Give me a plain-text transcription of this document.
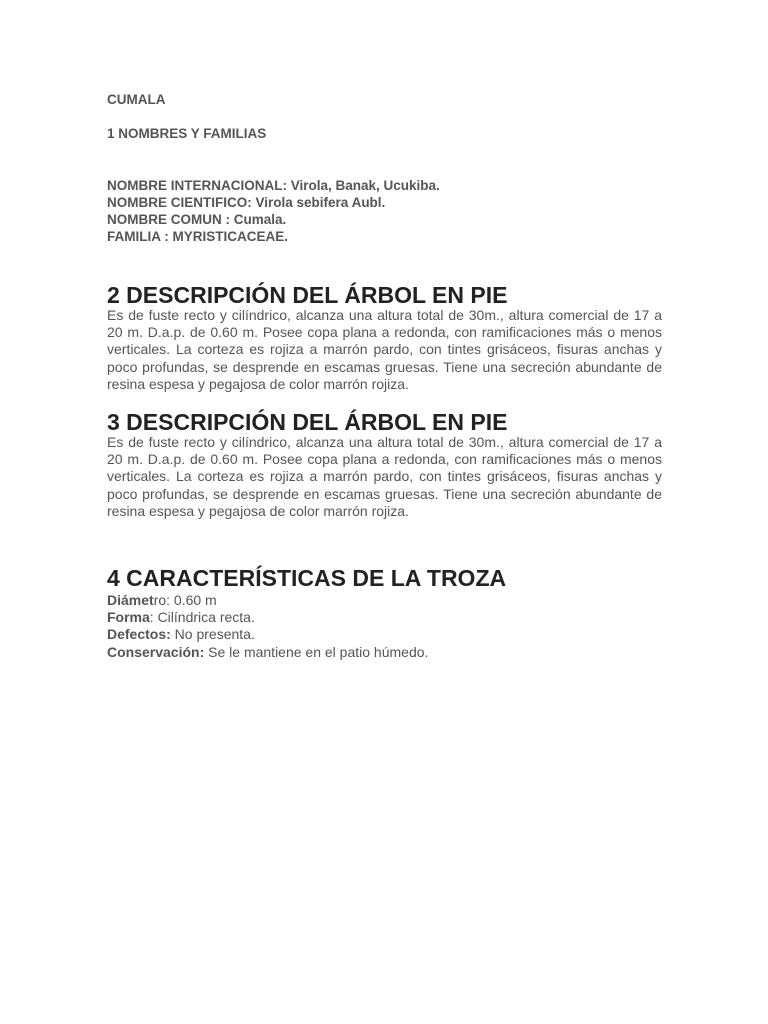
CUMALA

1 NOMBRES Y FAMILIAS

NOMBRE INTERNACIONAL: Virola, Banak, Ucukiba.
NOMBRE CIENTIFICO: Virola sebifera Aubl.
NOMBRE COMUN : Cumala.
FAMILIA : MYRISTICACEAE.
2 DESCRIPCIÓN DEL ÁRBOL EN PIE

Es de fuste recto y cilíndrico, alcanza una altura total de 30m., altura comercial de 17 a 20 m. D.a.p. de 0.60 m. Posee copa plana a redonda, con ramificaciones más o menos verticales. La corteza es rojiza a marrón pardo, con tintes grisáceos, fisuras anchas y poco profundas, se desprende en escamas gruesas. Tiene una secreción abundante de resina espesa y pegajosa de color marrón rojiza.

3 DESCRIPCIÓN DEL ÁRBOL EN PIE

Es de fuste recto y cilíndrico, alcanza una altura total de 30m., altura comercial de 17 a 20 m. D.a.p. de 0.60 m. Posee copa plana a redonda, con ramificaciones más o menos verticales. La corteza es rojiza a marrón pardo, con tintes grisáceos, fisuras anchas y poco profundas, se desprende en escamas gruesas. Tiene una secreción abundante de resina espesa y pegajosa de color marrón rojiza.

4 CARACTERÍSTICAS DE LA TROZA
Diámetro: 0.60 m
Forma: Cilíndrica recta.
Defectos: No presenta.
Conservación: Se le mantiene en el patio húmedo.
